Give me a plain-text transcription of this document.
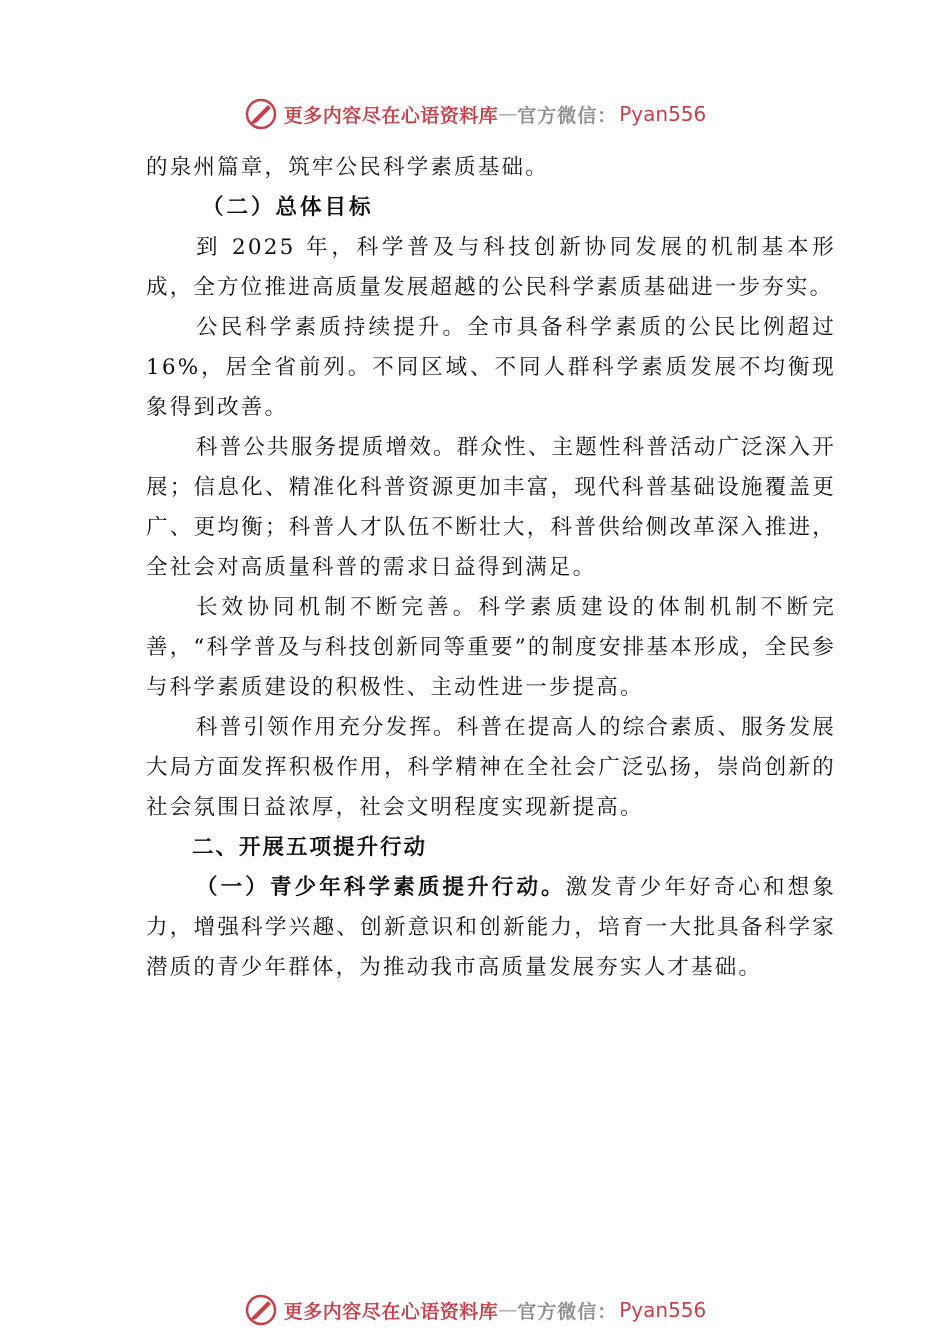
更多内容尽在心语资料库 — 官方微信： Pyan556

的泉州篇章，筑牢公民科学素质基础。

（二）总体目标

到 2025 年，科学普及与科技创新协同发展的机制基本形成，全方位推进高质量发展超越的公民科学素质基础进一步夯实。

公民科学素质持续提升。全市具备科学素质的公民比例超过 16%，居全省前列。不同区域、不同人群科学素质发展不均衡现象得到改善。

科普公共服务提质增效。群众性、主题性科普活动广泛深入开展；信息化、精准化科普资源更加丰富，现代科普基础设施覆盖更广、更均衡；科普人才队伍不断壮大，科普供给侧改革深入推进，全社会对高质量科普的需求日益得到满足。

长效协同机制不断完善。科学素质建设的体制机制不断完善，“科学普及与科技创新同等重要”的制度安排基本形成，全民参与科学素质建设的积极性、主动性进一步提高。

科普引领作用充分发挥。科普在提高人的综合素质、服务发展大局方面发挥积极作用，科学精神在全社会广泛弘扬，崇尚创新的社会氛围日益浓厚，社会文明程度实现新提高。

二、开展五项提升行动

（一）青少年科学素质提升行动。激发青少年好奇心和想象力，增强科学兴趣、创新意识和创新能力，培育一大批具备科学家潜质的青少年群体，为推动我市高质量发展夯实人才基础。

更多内容尽在心语资料库 — 官方微信： Pyan556
